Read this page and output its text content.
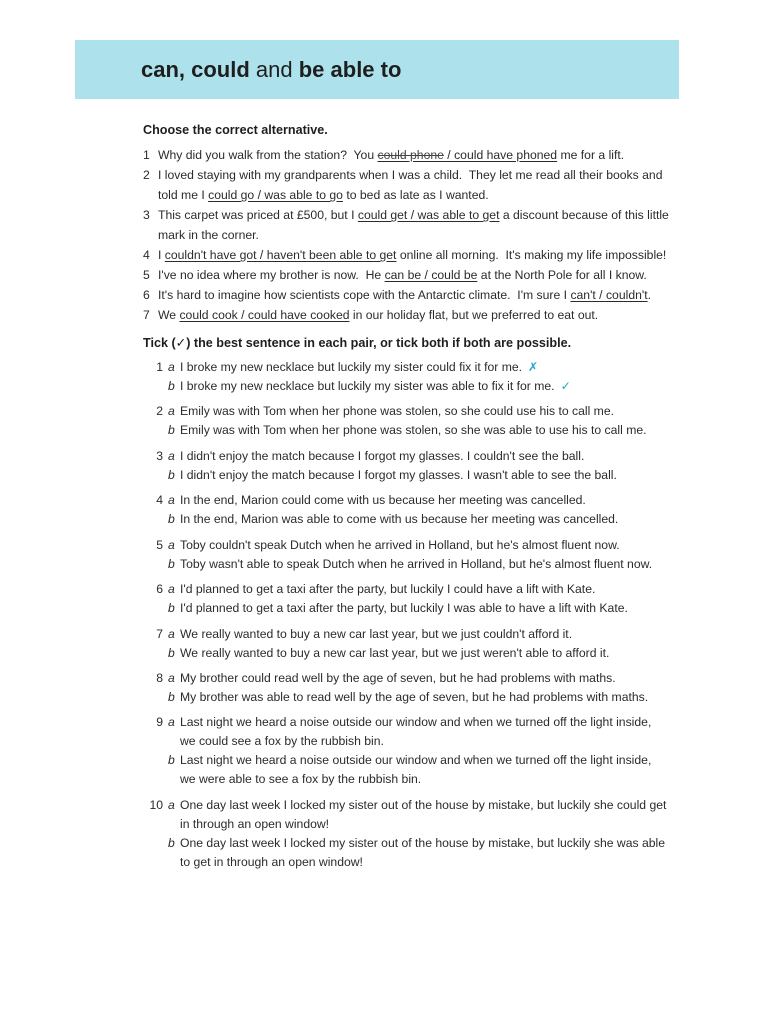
can, could and be able to
Choose the correct alternative.
1 Why did you walk from the station?  You could phone / could have phoned me for a lift.
2 I loved staying with my grandparents when I was a child.  They let me read all their books and
told me I could go / was able to go to bed as late as I wanted.
3 This carpet was priced at £500, but I could get / was able to get a discount because of this little
mark in the corner.
4 I couldn't have got / haven't been able to get online all morning.  It's making my life impossible!
5 I've no idea where my brother is now.  He can be / could be at the North Pole for all I know.
6 It's hard to imagine how scientists cope with the Antarctic climate.  I'm sure I can't / couldn't.
7 We could cook / could have cooked in our holiday flat, but we preferred to eat out.
Tick (✓) the best sentence in each pair, or tick both if both are possible.
1 a I broke my new necklace but luckily my sister could fix it for me. ✗
b I broke my new necklace but luckily my sister was able to fix it for me. ✓
2 a Emily was with Tom when her phone was stolen, so she could use his to call me.
b Emily was with Tom when her phone was stolen, so she was able to use his to call me.
3 a I didn't enjoy the match because I forgot my glasses. I couldn't see the ball.
b I didn't enjoy the match because I forgot my glasses. I wasn't able to see the ball.
4 a In the end, Marion could come with us because her meeting was cancelled.
b In the end, Marion was able to come with us because her meeting was cancelled.
5 a Toby couldn't speak Dutch when he arrived in Holland, but he's almost fluent now.
b Toby wasn't able to speak Dutch when he arrived in Holland, but he's almost fluent now.
6 a I'd planned to get a taxi after the party, but luckily I could have a lift with Kate.
b I'd planned to get a taxi after the party, but luckily I was able to have a lift with Kate.
7 a We really wanted to buy a new car last year, but we just couldn't afford it.
b We really wanted to buy a new car last year, but we just weren't able to afford it.
8 a My brother could read well by the age of seven, but he had problems with maths.
b My brother was able to read well by the age of seven, but he had problems with maths.
9 a Last night we heard a noise outside our window and when we turned off the light inside,
we could see a fox by the rubbish bin.
b Last night we heard a noise outside our window and when we turned off the light inside,
we were able to see a fox by the rubbish bin.
10 a One day last week I locked my sister out of the house by mistake, but luckily she could get
in through an open window!
b One day last week I locked my sister out of the house by mistake, but luckily she was able
to get in through an open window!
